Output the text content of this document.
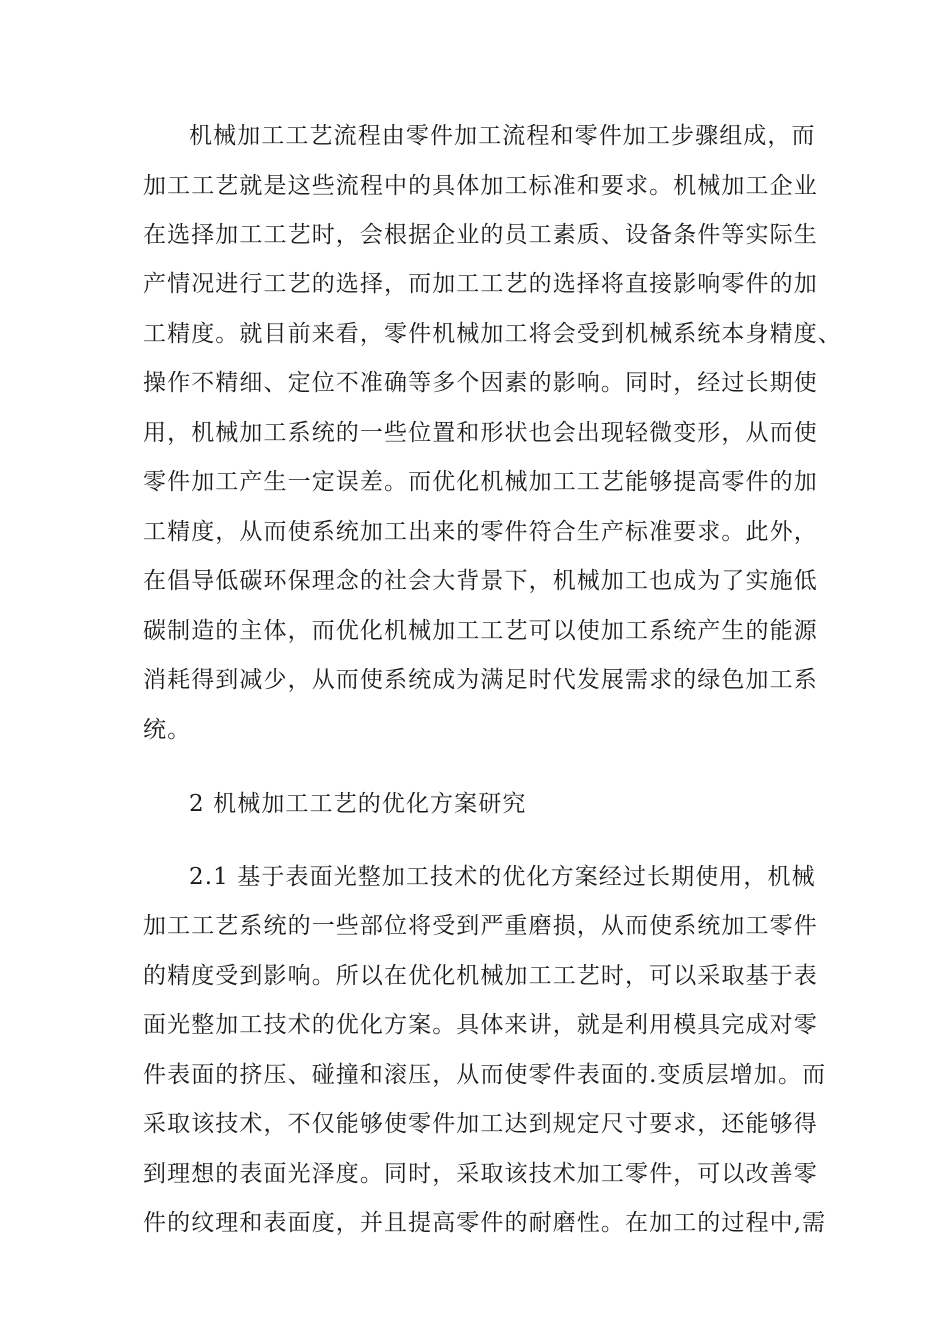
机械加工工艺流程由零件加工流程和零件加工步骤组成，而
加工工艺就是这些流程中的具体加工标准和要求。机械加工企业
在选择加工工艺时，会根据企业的员工素质、设备条件等实际生
产情况进行工艺的选择，而加工工艺的选择将直接影响零件的加
工精度。就目前来看，零件机械加工将会受到机械系统本身精度、
操作不精细、定位不准确等多个因素的影响。同时，经过长期使
用，机械加工系统的一些位置和形状也会出现轻微变形，从而使
零件加工产生一定误差。而优化机械加工工艺能够提高零件的加
工精度，从而使系统加工出来的零件符合生产标准要求。此外，
在倡导低碳环保理念的社会大背景下，机械加工也成为了实施低
碳制造的主体，而优化机械加工工艺可以使加工系统产生的能源
消耗得到减少，从而使系统成为满足时代发展需求的绿色加工系
统。
2 机械加工工艺的优化方案研究
2.1 基于表面光整加工技术的优化方案经过长期使用，机械
加工工艺系统的一些部位将受到严重磨损，从而使系统加工零件
的精度受到影响。所以在优化机械加工工艺时，可以采取基于表
面光整加工技术的优化方案。具体来讲，就是利用模具完成对零
件表面的挤压、碰撞和滚压，从而使零件表面的.变质层增加。而
采取该技术，不仅能够使零件加工达到规定尺寸要求，还能够得
到理想的表面光泽度。同时，采取该技术加工零件，可以改善零
件的纹理和表面度，并且提高零件的耐磨性。在加工的过程中,需
